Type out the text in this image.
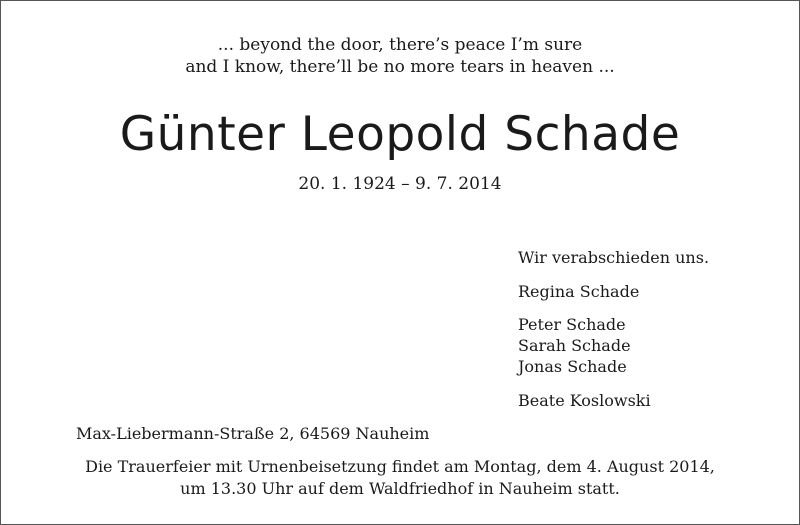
... beyond the door, there’s peace I’m sure
and I know, there’ll be no more tears in heaven ...
Günter Leopold Schade
20. 1. 1924 – 9. 7. 2014
Wir verabschieden uns.
Regina Schade
Peter Schade
Sarah Schade
Jonas Schade
Beate Koslowski
Max-Liebermann-Straße 2, 64569 Nauheim
Die Trauerfeier mit Urnenbeisetzung findet am Montag, dem 4. August 2014,
um 13.30 Uhr auf dem Waldfriedhof in Nauheim statt.
